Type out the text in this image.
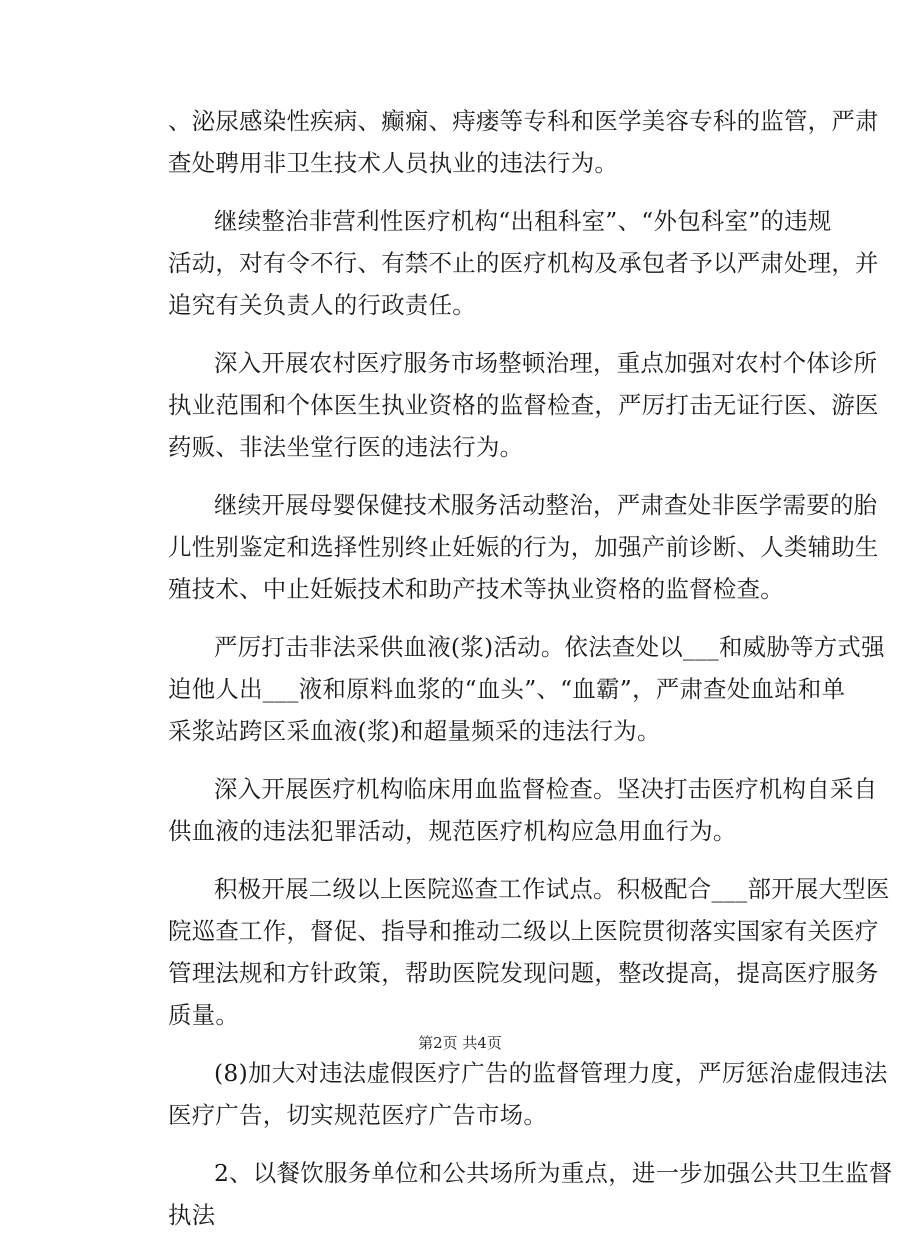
、泌尿感染性疾病、癫痫、痔瘘等专科和医学美容专科的监管，严肃
查处聘用非卫生技术人员执业的违法行为。

继续整治非营利性医疗机构“出租科室”、“外包科室”的违规
活动，对有令不行、有禁不止的医疗机构及承包者予以严肃处理，并
追究有关负责人的行政责任。

深入开展农村医疗服务市场整顿治理，重点加强对农村个体诊所
执业范围和个体医生执业资格的监督检查，严厉打击无证行医、游医
药贩、非法坐堂行医的违法行为。

继续开展母婴保健技术服务活动整治，严肃查处非医学需要的胎
儿性别鉴定和选择性别终止妊娠的行为，加强产前诊断、人类辅助生
殖技术、中止妊娠技术和助产技术等执业资格的监督检查。

严厉打击非法采供血液(浆)活动。依法查处以___和威胁等方式强
迫他人出___液和原料血浆的“血头”、“血霸”，严肃查处血站和单
采浆站跨区采血液(浆)和超量频采的违法行为。

深入开展医疗机构临床用血监督检查。坚决打击医疗机构自采自
供血液的违法犯罪活动，规范医疗机构应急用血行为。

积极开展二级以上医院巡查工作试点。积极配合___部开展大型医
院巡查工作，督促、指导和推动二级以上医院贯彻落实国家有关医疗
管理法规和方针政策，帮助医院发现问题，整改提高，提高医疗服务
质量。

(8)加大对违法虚假医疗广告的监督管理力度，严厉惩治虚假违法
医疗广告，切实规范医疗广告市场。

2、以餐饮服务单位和公共场所为重点，进一步加强公共卫生监督
执法

第2页 共4页
